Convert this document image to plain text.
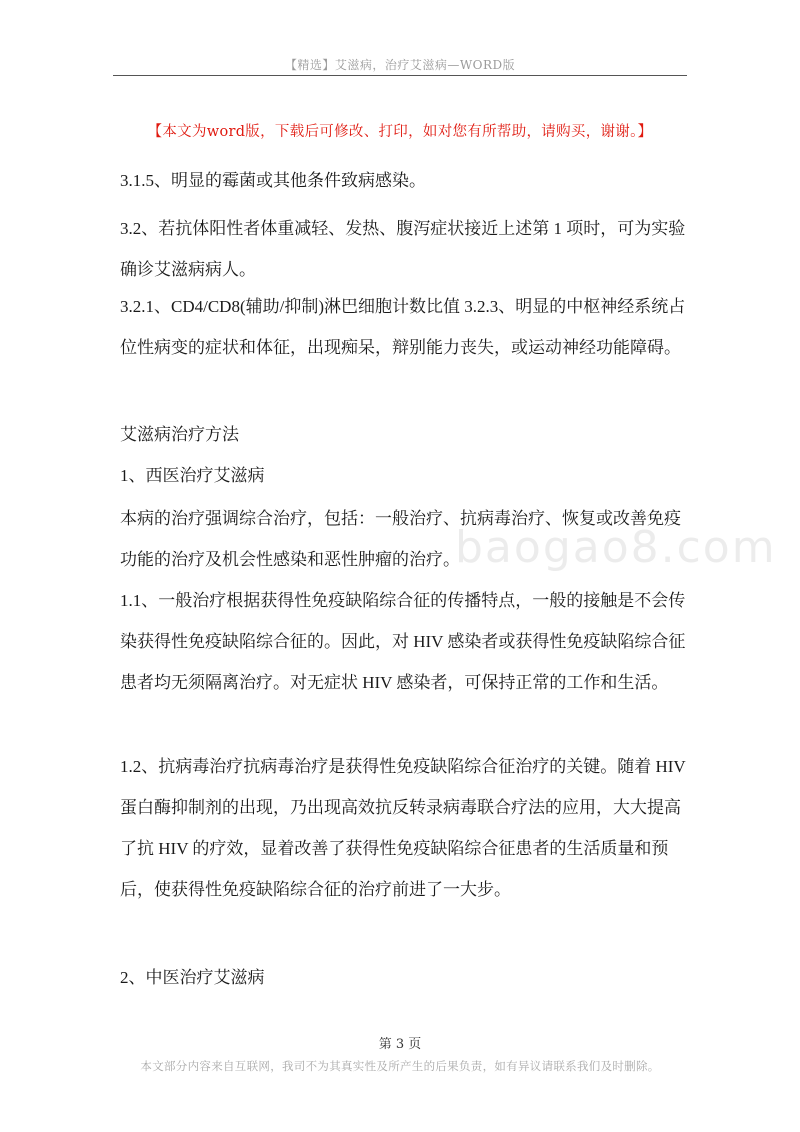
【精选】艾滋病，治疗艾滋病—WORD版
【本文为word版，下载后可修改、打印，如对您有所帮助，请购买，谢谢。】
3.1.5、明显的霉菌或其他条件致病感染。
3.2、若抗体阳性者体重减轻、发热、腹泻症状接近上述第 1 项时，可为实验确诊艾滋病病人。
3.2.1、CD4/CD8(辅助/抑制)淋巴细胞计数比值 3.2.3、明显的中枢神经系统占位性病变的症状和体征，出现痴呆，辩别能力丧失，或运动神经功能障碍。
艾滋病治疗方法
1、西医治疗艾滋病
本病的治疗强调综合治疗，包括：一般治疗、抗病毒治疗、恢复或改善免疫功能的治疗及机会性感染和恶性肿瘤的治疗。
baogao8.com
1.1、一般治疗根据获得性免疫缺陷综合征的传播特点，一般的接触是不会传染获得性免疫缺陷综合征的。因此，对 HIV 感染者或获得性免疫缺陷综合征患者均无须隔离治疗。对无症状 HIV 感染者，可保持正常的工作和生活。
1.2、抗病毒治疗抗病毒治疗是获得性免疫缺陷综合征治疗的关键。随着 HIV 蛋白酶抑制剂的出现，乃出现高效抗反转录病毒联合疗法的应用，大大提高了抗 HIV 的疗效，显着改善了获得性免疫缺陷综合征患者的生活质量和预后，使获得性免疫缺陷综合征的治疗前进了一大步。
2、中医治疗艾滋病
第 3 页
本文部分内容来自互联网，我司不为其真实性及所产生的后果负责，如有异议请联系我们及时删除。
